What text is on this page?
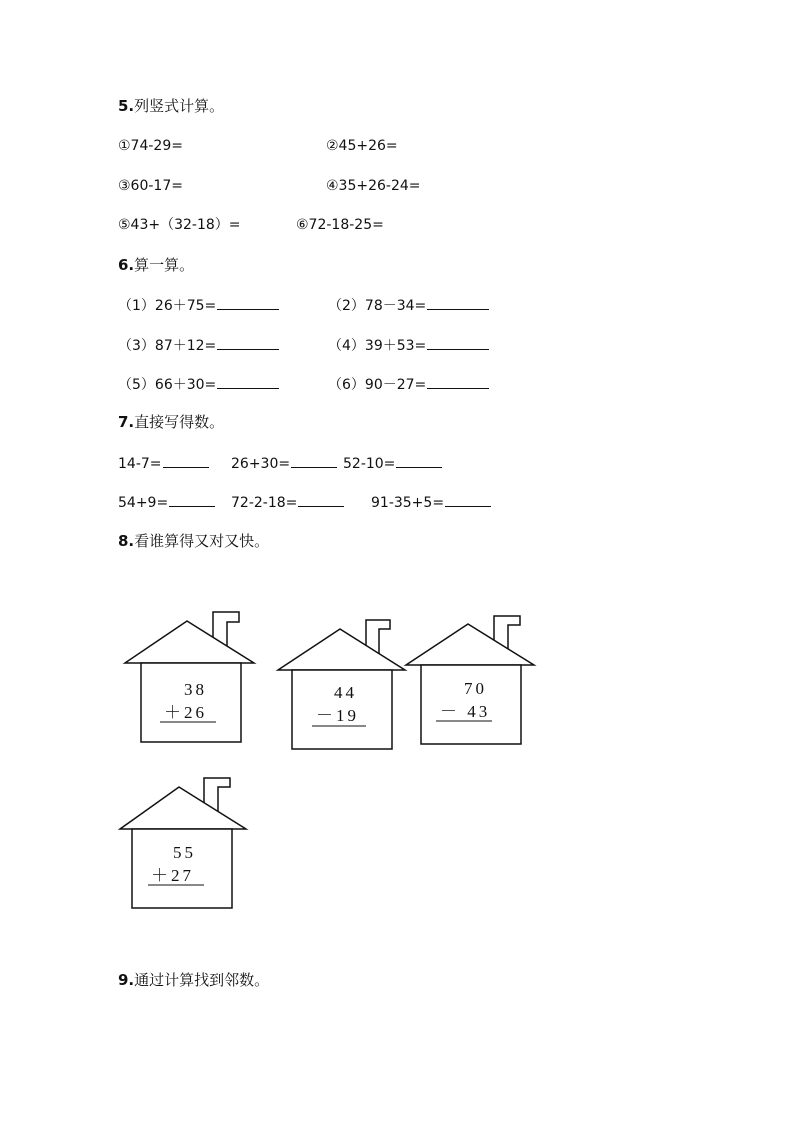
5.列竖式计算。
①74-29=	②45+26=
③60-17=	④35+26-24=
⑤43+（32-18）=	⑥72-18-25=
6.算一算。
（1）26＋75=	（2）78－34=
（3）87＋12=	（4）39＋53=
（5）66＋30=	（6）90－27=
7.直接写得数。
14-7=	26+30=	52-10=
54+9=	72-2-18=	91-35+5=
8.看谁算得又对又快。
38
＋26
44
－19
70
－ 43
55
＋27
9.通过计算找到邻数。
